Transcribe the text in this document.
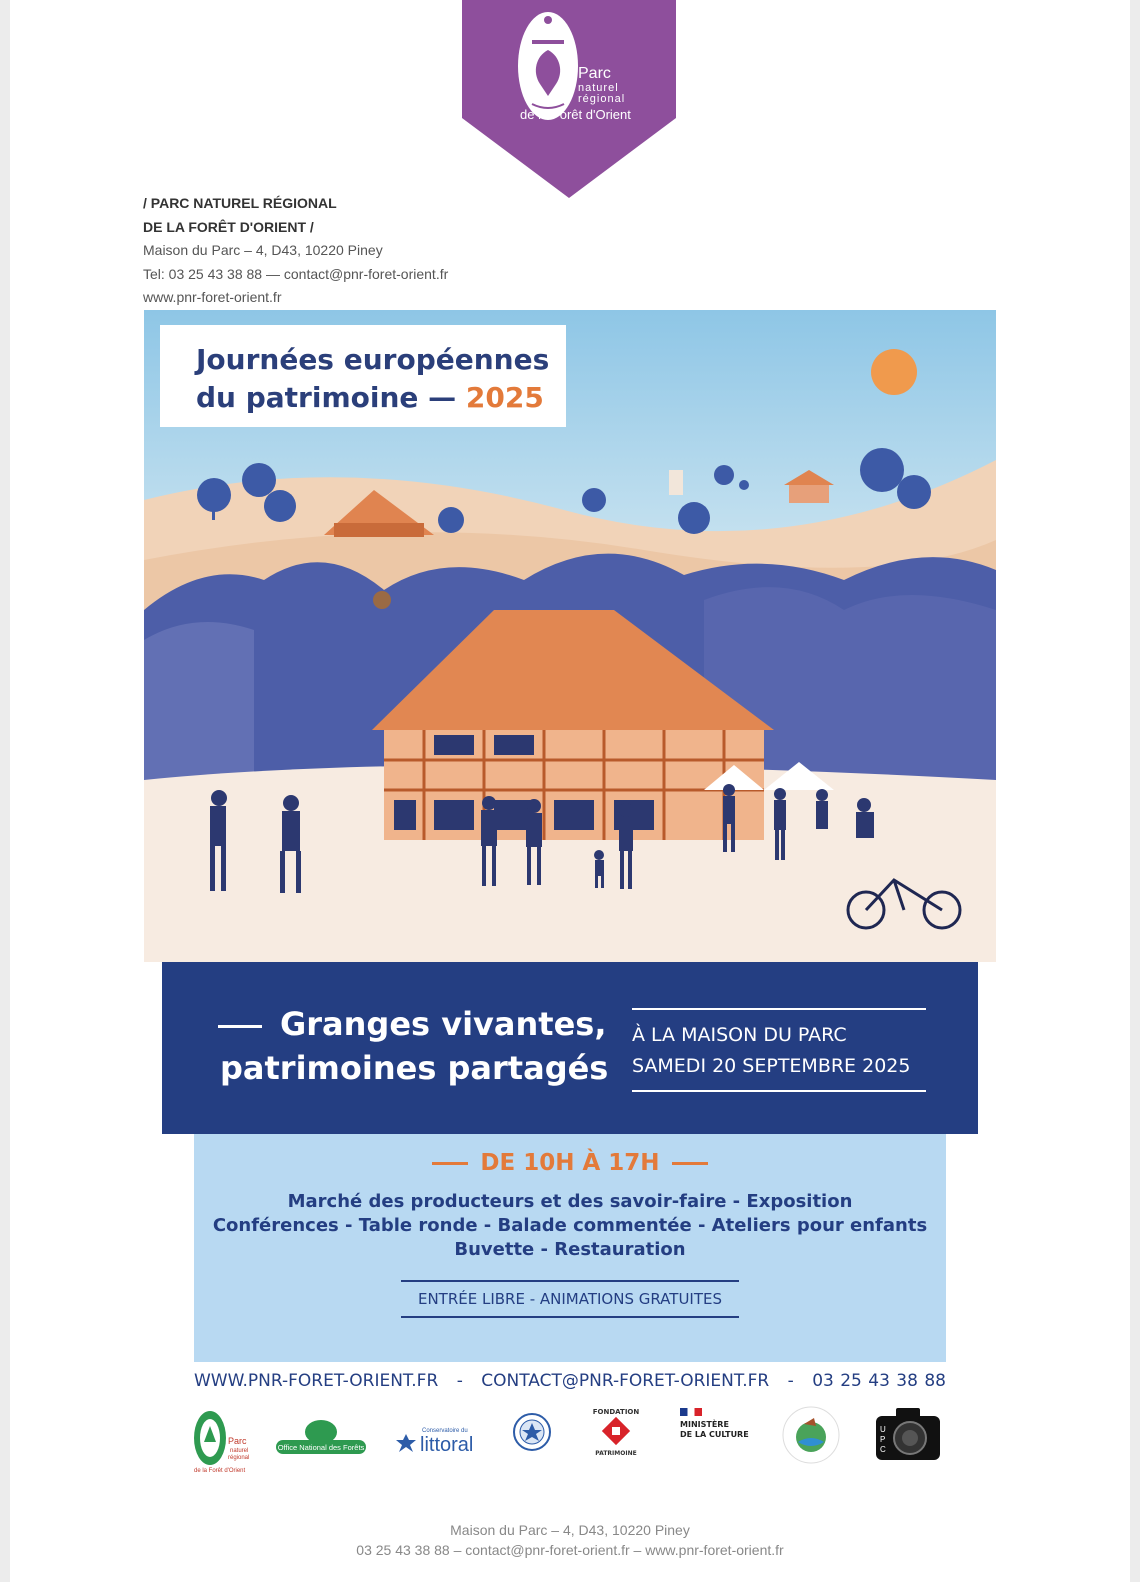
Parc
naturel
régional
de la Forêt d'Orient
/ PARC NATUREL RÉGIONAL
DE LA FORÊT D'ORIENT /
Maison du Parc – 4, D43, 10220 Piney
Tel: 03 25 43 38 88 — contact@pnr-foret-orient.fr
www.pnr-foret-orient.fr
Journées européennes
du patrimoine — 2025
Granges vivantes,
patrimoines partagés
À LA MAISON DU PARC
SAMEDI 20 SEPTEMBRE 2025
DE 10H À 17H
Marché des producteurs et des savoir-faire - Exposition
Conférences - Table ronde - Balade commentée - Ateliers pour enfants
Buvette - Restauration
ENTRÉE LIBRE - ANIMATIONS GRATUITES
WWW.PNR-FORET-ORIENT.FR - CONTACT@PNR-FORET-ORIENT.FR - 03 25 43 38 88
Parc
naturel
régional
de la Forêt d'Orient
Office National des Forêts
Conservatoire du
littoral
FONDATION
PATRIMOINE
MINISTÈRE
DE LA CULTURE
U
P
C
Maison du Parc – 4, D43, 10220 Piney
03 25 43 38 88 – contact@pnr-foret-orient.fr – www.pnr-foret-orient.fr
